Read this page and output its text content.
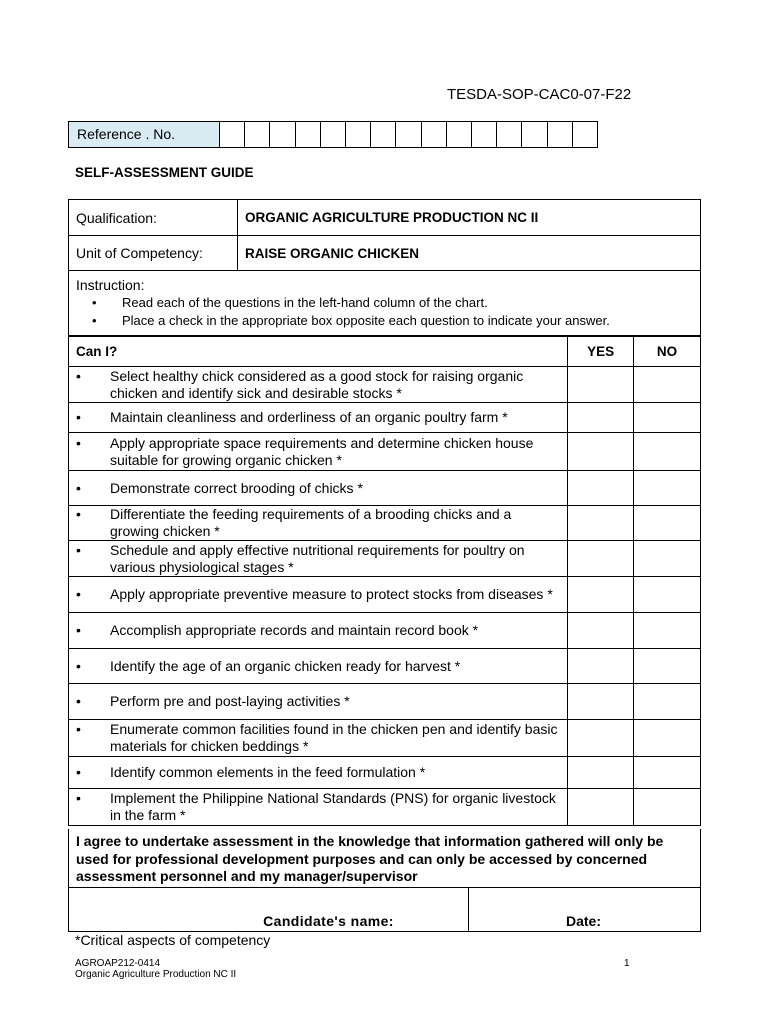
TESDA-SOP-CAC0-07-F22
Reference . No.
SELF-ASSESSMENT GUIDE
Qualification:	ORGANIC AGRICULTURE PRODUCTION NC II
Unit of Competency:	RAISE ORGANIC CHICKEN
Instruction:
• Read each of the questions in the left-hand column of the chart.
• Place a check in the appropriate box opposite each question to indicate your answer.
Can I?	YES	NO

• Select healthy chick considered as a good stock for raising organic chicken and identify sick and desirable stocks *

• Maintain cleanliness and orderliness of an organic poultry farm *

• Apply appropriate space requirements and determine chicken house suitable for growing organic chicken *

• Demonstrate correct brooding of chicks *

• Differentiate the feeding requirements of a brooding chicks and a growing chicken *

• Schedule and apply effective nutritional requirements for poultry on various physiological stages *

• Apply appropriate preventive measure to protect stocks from diseases *

• Accomplish appropriate records and maintain record book *

• Identify the age of an organic chicken ready for harvest *

• Perform pre and post-laying activities *

• Enumerate common facilities found in the chicken pen and identify basic materials for chicken beddings *

• Identify common elements in the feed formulation *

• Implement the Philippine National Standards (PNS) for organic livestock in the farm *

I agree to undertake assessment in the knowledge that information gathered will only be used for professional development purposes and can only be accessed by concerned assessment personnel and my manager/supervisor
Candidate's name:	Date:
*Critical aspects of competency
AGROAP212-0414
Organic Agriculture Production NC II
1
